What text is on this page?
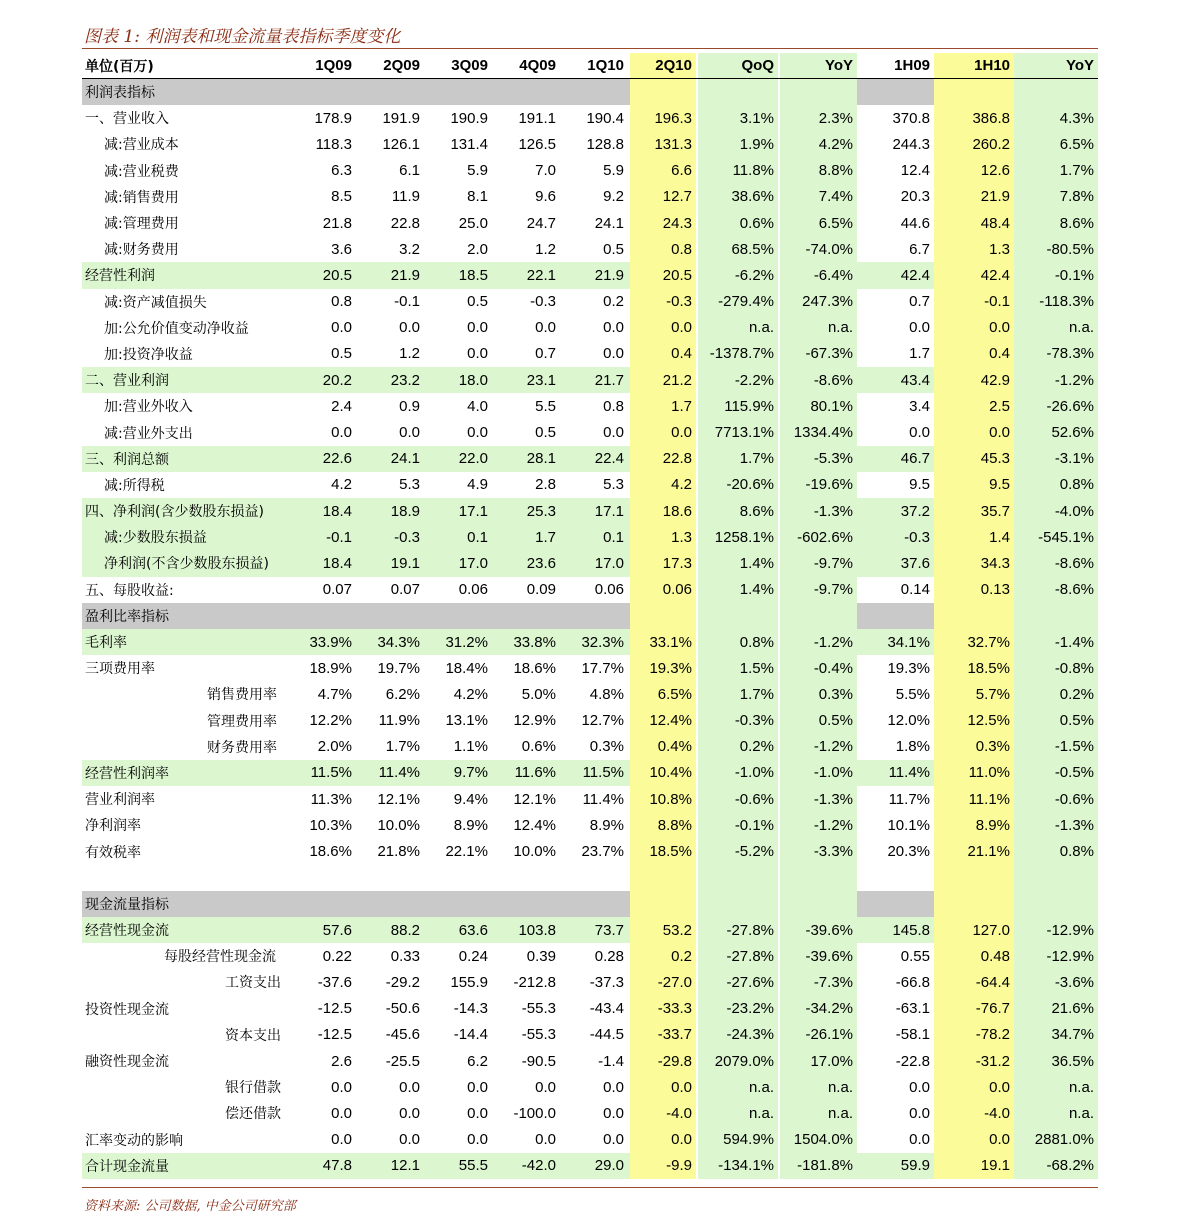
图表 1: 利润表和现金流量表指标季度变化
单位(百万)	1Q09	2Q09	3Q09	4Q09	1Q10	2Q10	QoQ	YoY	1H09	1H10	YoY
利润表指标
一、营业收入	178.9	191.9	190.9	191.1	190.4	196.3	3.1%	2.3%	370.8	386.8	4.3%
减:营业成本	118.3	126.1	131.4	126.5	128.8	131.3	1.9%	4.2%	244.3	260.2	6.5%
减:营业税费	6.3	6.1	5.9	7.0	5.9	6.6	11.8%	8.8%	12.4	12.6	1.7%
减:销售费用	8.5	11.9	8.1	9.6	9.2	12.7	38.6%	7.4%	20.3	21.9	7.8%
减:管理费用	21.8	22.8	25.0	24.7	24.1	24.3	0.6%	6.5%	44.6	48.4	8.6%
减:财务费用	3.6	3.2	2.0	1.2	0.5	0.8	68.5%	-74.0%	6.7	1.3	-80.5%
经营性利润	20.5	21.9	18.5	22.1	21.9	20.5	-6.2%	-6.4%	42.4	42.4	-0.1%
减:资产减值损失	0.8	-0.1	0.5	-0.3	0.2	-0.3	-279.4%	247.3%	0.7	-0.1	-118.3%
加:公允价值变动净收益	0.0	0.0	0.0	0.0	0.0	0.0	n.a.	n.a.	0.0	0.0	n.a.
加:投资净收益	0.5	1.2	0.0	0.7	0.0	0.4	-1378.7%	-67.3%	1.7	0.4	-78.3%
二、营业利润	20.2	23.2	18.0	23.1	21.7	21.2	-2.2%	-8.6%	43.4	42.9	-1.2%
加:营业外收入	2.4	0.9	4.0	5.5	0.8	1.7	115.9%	80.1%	3.4	2.5	-26.6%
减:营业外支出	0.0	0.0	0.0	0.5	0.0	0.0	7713.1%	1334.4%	0.0	0.0	52.6%
三、利润总额	22.6	24.1	22.0	28.1	22.4	22.8	1.7%	-5.3%	46.7	45.3	-3.1%
减:所得税	4.2	5.3	4.9	2.8	5.3	4.2	-20.6%	-19.6%	9.5	9.5	0.8%
四、净利润(含少数股东损益)	18.4	18.9	17.1	25.3	17.1	18.6	8.6%	-1.3%	37.2	35.7	-4.0%
减:少数股东损益	-0.1	-0.3	0.1	1.7	0.1	1.3	1258.1%	-602.6%	-0.3	1.4	-545.1%
净利润(不含少数股东损益)	18.4	19.1	17.0	23.6	17.0	17.3	1.4%	-9.7%	37.6	34.3	-8.6%
五、每股收益:	0.07	0.07	0.06	0.09	0.06	0.06	1.4%	-9.7%	0.14	0.13	-8.6%
盈利比率指标
毛利率	33.9%	34.3%	31.2%	33.8%	32.3%	33.1%	0.8%	-1.2%	34.1%	32.7%	-1.4%
三项费用率	18.9%	19.7%	18.4%	18.6%	17.7%	19.3%	1.5%	-0.4%	19.3%	18.5%	-0.8%
销售费用率	4.7%	6.2%	4.2%	5.0%	4.8%	6.5%	1.7%	0.3%	5.5%	5.7%	0.2%
管理费用率	12.2%	11.9%	13.1%	12.9%	12.7%	12.4%	-0.3%	0.5%	12.0%	12.5%	0.5%
财务费用率	2.0%	1.7%	1.1%	0.6%	0.3%	0.4%	0.2%	-1.2%	1.8%	0.3%	-1.5%
经营性利润率	11.5%	11.4%	9.7%	11.6%	11.5%	10.4%	-1.0%	-1.0%	11.4%	11.0%	-0.5%
营业利润率	11.3%	12.1%	9.4%	12.1%	11.4%	10.8%	-0.6%	-1.3%	11.7%	11.1%	-0.6%
净利润率	10.3%	10.0%	8.9%	12.4%	8.9%	8.8%	-0.1%	-1.2%	10.1%	8.9%	-1.3%
有效税率	18.6%	21.8%	22.1%	10.0%	23.7%	18.5%	-5.2%	-3.3%	20.3%	21.1%	0.8%
现金流量指标
经营性现金流	57.6	88.2	63.6	103.8	73.7	53.2	-27.8%	-39.6%	145.8	127.0	-12.9%
每股经营性现金流	0.22	0.33	0.24	0.39	0.28	0.2	-27.8%	-39.6%	0.55	0.48	-12.9%
工资支出	-37.6	-29.2	155.9	-212.8	-37.3	-27.0	-27.6%	-7.3%	-66.8	-64.4	-3.6%
投资性现金流	-12.5	-50.6	-14.3	-55.3	-43.4	-33.3	-23.2%	-34.2%	-63.1	-76.7	21.6%
资本支出	-12.5	-45.6	-14.4	-55.3	-44.5	-33.7	-24.3%	-26.1%	-58.1	-78.2	34.7%
融资性现金流	2.6	-25.5	6.2	-90.5	-1.4	-29.8	2079.0%	17.0%	-22.8	-31.2	36.5%
银行借款	0.0	0.0	0.0	0.0	0.0	0.0	n.a.	n.a.	0.0	0.0	n.a.
偿还借款	0.0	0.0	0.0	-100.0	0.0	-4.0	n.a.	n.a.	0.0	-4.0	n.a.
汇率变动的影响	0.0	0.0	0.0	0.0	0.0	0.0	594.9%	1504.0%	0.0	0.0	2881.0%
合计现金流量	47.8	12.1	55.5	-42.0	29.0	-9.9	-134.1%	-181.8%	59.9	19.1	-68.2%
资料来源: 公司数据, 中金公司研究部
